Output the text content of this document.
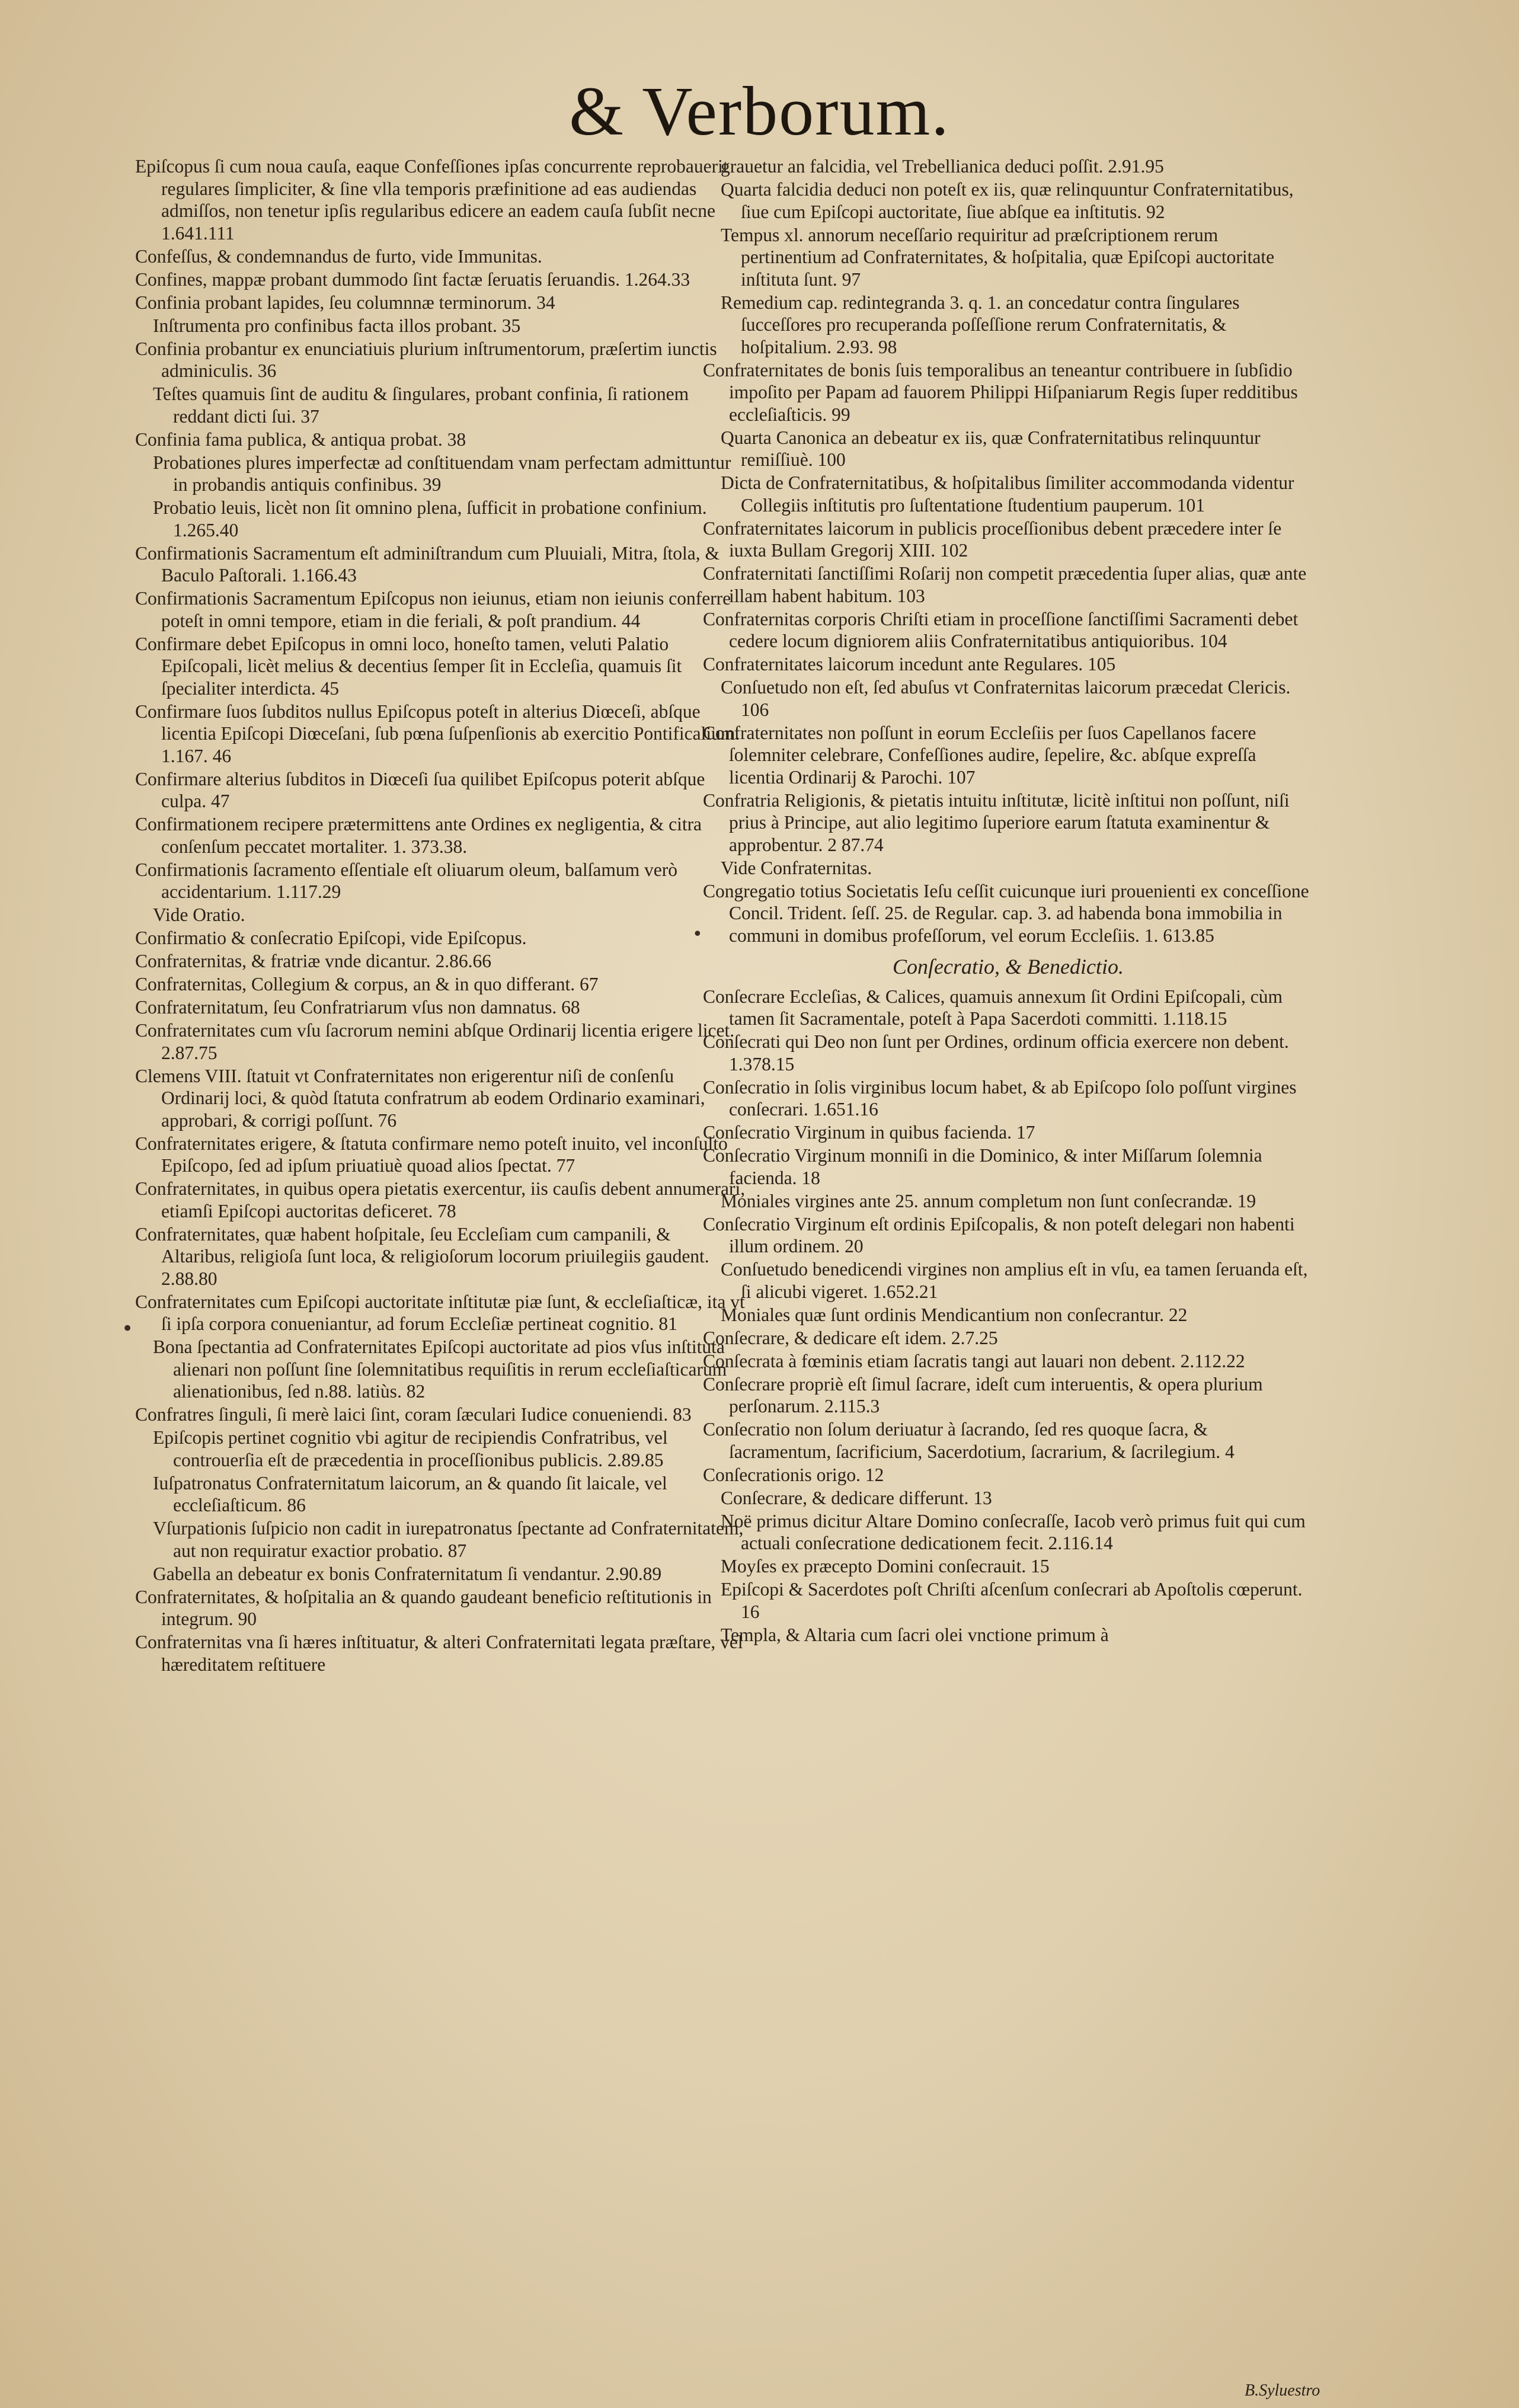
& Verborum.
Epiſcopus ſi cum noua cauſa, eaque Confeſſiones ipſas concurrente reprobauerit regulares ſimpliciter, & ſine vlla temporis præfinitione ad eas audiendas admiſſos, non tenetur ipſis regularibus edicere an eadem cauſa ſubſit necne 1.641.111
Confeſſus, & condemnandus de furto, vide Immunitas.
Confines, mappæ probant dummodo ſint factæ ſeruatis ſeruandis. 1.264.33
Confinia probant lapides, ſeu columnnæ terminorum. 34
Inſtrumenta pro confinibus facta illos probant. 35
Confinia probantur ex enunciatiuis plurium inſtrumentorum, præſertim iunctis adminiculis. 36
Teſtes quamuis ſint de auditu & ſingulares, probant confinia, ſi rationem reddant dicti ſui. 37
Confinia fama publica, & antiqua probat. 38
Probationes plures imperfectæ ad conſtituendam vnam perfectam admittuntur in probandis antiquis confinibus. 39
Probatio leuis, licèt non ſit omnino plena, ſufficit in probatione confinium. 1.265.40
Confirmationis Sacramentum eſt adminiſtrandum cum Pluuiali, Mitra, ſtola, & Baculo Paſtorali. 1.166.43
Confirmationis Sacramentum Epiſcopus non ieiunus, etiam non ieiunis conferre poteſt in omni tempore, etiam in die feriali, & poſt prandium. 44
Confirmare debet Epiſcopus in omni loco, honeſto tamen, veluti Palatio Epiſcopali, licèt melius & decentius ſemper ſit in Eccleſia, quamuis ſit ſpecialiter interdicta. 45
Confirmare ſuos ſubditos nullus Epiſcopus poteſt in alterius Diœceſi, abſque licentia Epiſcopi Diœceſani, ſub pœna ſuſpenſionis ab exercitio Pontificalium. 1.167. 46
Confirmare alterius ſubditos in Diœceſi ſua quilibet Epiſcopus poterit abſque culpa. 47
Confirmationem recipere prætermittens ante Ordines ex negligentia, & citra conſenſum peccatet mortaliter. 1. 373.38.
Confirmationis ſacramento eſſentiale eſt oliuarum oleum, balſamum verò accidentarium. 1.117.29
Vide Oratio.
Confirmatio & conſecratio Epiſcopi, vide Epiſcopus.
Confraternitas, & fratriæ vnde dicantur. 2.86.66
Confraternitas, Collegium & corpus, an & in quo differant. 67
Confraternitatum, ſeu Confratriarum vſus non damnatus. 68
Confraternitates cum vſu ſacrorum nemini abſque Ordinarij licentia erigere licet. 2.87.75
Clemens VIII. ſtatuit vt Confraternitates non erigerentur niſi de conſenſu Ordinarij loci, & quòd ſtatuta confratrum ab eodem Ordinario examinari, approbari, & corrigi poſſunt. 76
Confraternitates erigere, & ſtatuta confirmare nemo poteſt inuito, vel inconſulto Epiſcopo, ſed ad ipſum priuatiuè quoad alios ſpectat. 77
Confraternitates, in quibus opera pietatis exercentur, iis cauſis debent annumerari, etiamſi Epiſcopi auctoritas deficeret. 78
Confraternitates, quæ habent hoſpitale, ſeu Eccleſiam cum campanili, & Altaribus, religioſa ſunt loca, & religioſorum locorum priuilegiis gaudent. 2.88.80
Confraternitates cum Epiſcopi auctoritate inſtitutæ piæ ſunt, & eccleſiaſticæ, ita vt ſi ipſa corpora conueniantur, ad forum Eccleſiæ pertineat cognitio. 81
Bona ſpectantia ad Confraternitates Epiſcopi auctoritate ad pios vſus inſtituta alienari non poſſunt ſine ſolemnitatibus requiſitis in rerum eccleſiaſticarum alienationibus, ſed n.88. latiùs. 82
Confratres ſinguli, ſi merè laici ſint, coram ſæculari Iudice conueniendi. 83
Epiſcopis pertinet cognitio vbi agitur de recipiendis Confratribus, vel controuerſia eſt de præcedentia in proceſſionibus publicis. 2.89.85
Iuſpatronatus Confraternitatum laicorum, an & quando ſit laicale, vel eccleſiaſticum. 86
Vſurpationis ſuſpicio non cadit in iurepatronatus ſpectante ad Confraternitatem, aut non requiratur exactior probatio. 87
Gabella an debeatur ex bonis Confraternitatum ſi vendantur. 2.90.89
Confraternitates, & hoſpitalia an & quando gaudeant beneficio reſtitutionis in integrum. 90
Confraternitas vna ſi hæres inſtituatur, & alteri Confraternitati legata præſtare, vel hæreditatem reſtituere
grauetur an falcidia, vel Trebellianica deduci poſſit. 2.91.95
Quarta falcidia deduci non poteſt ex iis, quæ relinquuntur Confraternitatibus, ſiue cum Epiſcopi auctoritate, ſiue abſque ea inſtitutis. 92
Tempus xl. annorum neceſſario requiritur ad præſcriptionem rerum pertinentium ad Confraternitates, & hoſpitalia, quæ Epiſcopi auctoritate inſtituta ſunt. 97
Remedium cap. redintegranda 3. q. 1. an concedatur contra ſingulares ſucceſſores pro recuperanda poſſeſſione rerum Confraternitatis, & hoſpitalium. 2.93. 98
Confraternitates de bonis ſuis temporalibus an teneantur contribuere in ſubſidio impoſito per Papam ad fauorem Philippi Hiſpaniarum Regis ſuper redditibus eccleſiaſticis. 99
Quarta Canonica an debeatur ex iis, quæ Confraternitatibus relinquuntur remiſſiuè. 100
Dicta de Confraternitatibus, & hoſpitalibus ſimiliter accommodanda videntur Collegiis inſtitutis pro ſuſtentatione ſtudentium pauperum. 101
Confraternitates laicorum in publicis proceſſionibus debent præcedere inter ſe iuxta Bullam Gregorij XIII. 102
Confraternitati ſanctiſſimi Roſarij non competit præcedentia ſuper alias, quæ ante illam habent habitum. 103
Confraternitas corporis Chriſti etiam in proceſſione ſanctiſſimi Sacramenti debet cedere locum digniorem aliis Confraternitatibus antiquioribus. 104
Confraternitates laicorum incedunt ante Regulares. 105
Conſuetudo non eſt, ſed abuſus vt Confraternitas laicorum præcedat Clericis. 106
Confraternitates non poſſunt in eorum Eccleſiis per ſuos Capellanos facere ſolemniter celebrare, Confeſſiones audire, ſepelire, &c. abſque expreſſa licentia Ordinarij & Parochi. 107
Confratria Religionis, & pietatis intuitu inſtitutæ, licitè inſtitui non poſſunt, niſi prius à Principe, aut alio legitimo ſuperiore earum ſtatuta examinentur & approbentur. 2 87.74
Vide Confraternitas.
Congregatio totius Societatis Ieſu ceſſit cuicunque iuri prouenienti ex conceſſione Concil. Trident. ſeſſ. 25. de Regular. cap. 3. ad habenda bona immobilia in communi in domibus profeſſorum, vel eorum Eccleſiis. 1. 613.85
Conſecratio, & Benedictio.
Conſecrare Eccleſias, & Calices, quamuis annexum ſit Ordini Epiſcopali, cùm tamen ſit Sacramentale, poteſt à Papa Sacerdoti committi. 1.118.15
Conſecrati qui Deo non ſunt per Ordines, ordinum officia exercere non debent. 1.378.15
Conſecratio in ſolis virginibus locum habet, & ab Epiſcopo ſolo poſſunt virgines conſecrari. 1.651.16
Conſecratio Virginum in quibus facienda. 17
Conſecratio Virginum monniſi in die Dominico, & inter Miſſarum ſolemnia facienda. 18
Moniales virgines ante 25. annum completum non ſunt conſecrandæ. 19
Conſecratio Virginum eſt ordinis Epiſcopalis, & non poteſt delegari non habenti illum ordinem. 20
Conſuetudo benedicendi virgines non amplius eſt in vſu, ea tamen ſeruanda eſt, ſi alicubi vigeret. 1.652.21
Moniales quæ ſunt ordinis Mendicantium non conſecrantur. 22
Conſecrare, & dedicare eſt idem. 2.7.25
Conſecrata à fœminis etiam ſacratis tangi aut lauari non debent. 2.112.22
Conſecrare propriè eſt ſimul ſacrare, ideſt cum interuentis, & opera plurium perſonarum. 2.115.3
Conſecratio non ſolum deriuatur à ſacrando, ſed res quoque ſacra, & ſacramentum, ſacrificium, Sacerdotium, ſacrarium, & ſacrilegium. 4
Conſecrationis origo. 12
Conſecrare, & dedicare differunt. 13
Noë primus dicitur Altare Domino conſecraſſe, Iacob verò primus fuit qui cum actuali conſecratione dedicationem fecit. 2.116.14
Moyſes ex præcepto Domini conſecrauit. 15
Epiſcopi & Sacerdotes poſt Chriſti aſcenſum conſecrari ab Apoſtolis cœperunt. 16
Templa, & Altaria cum ſacri olei vnctione primum à
B.Syluestro
•
•
